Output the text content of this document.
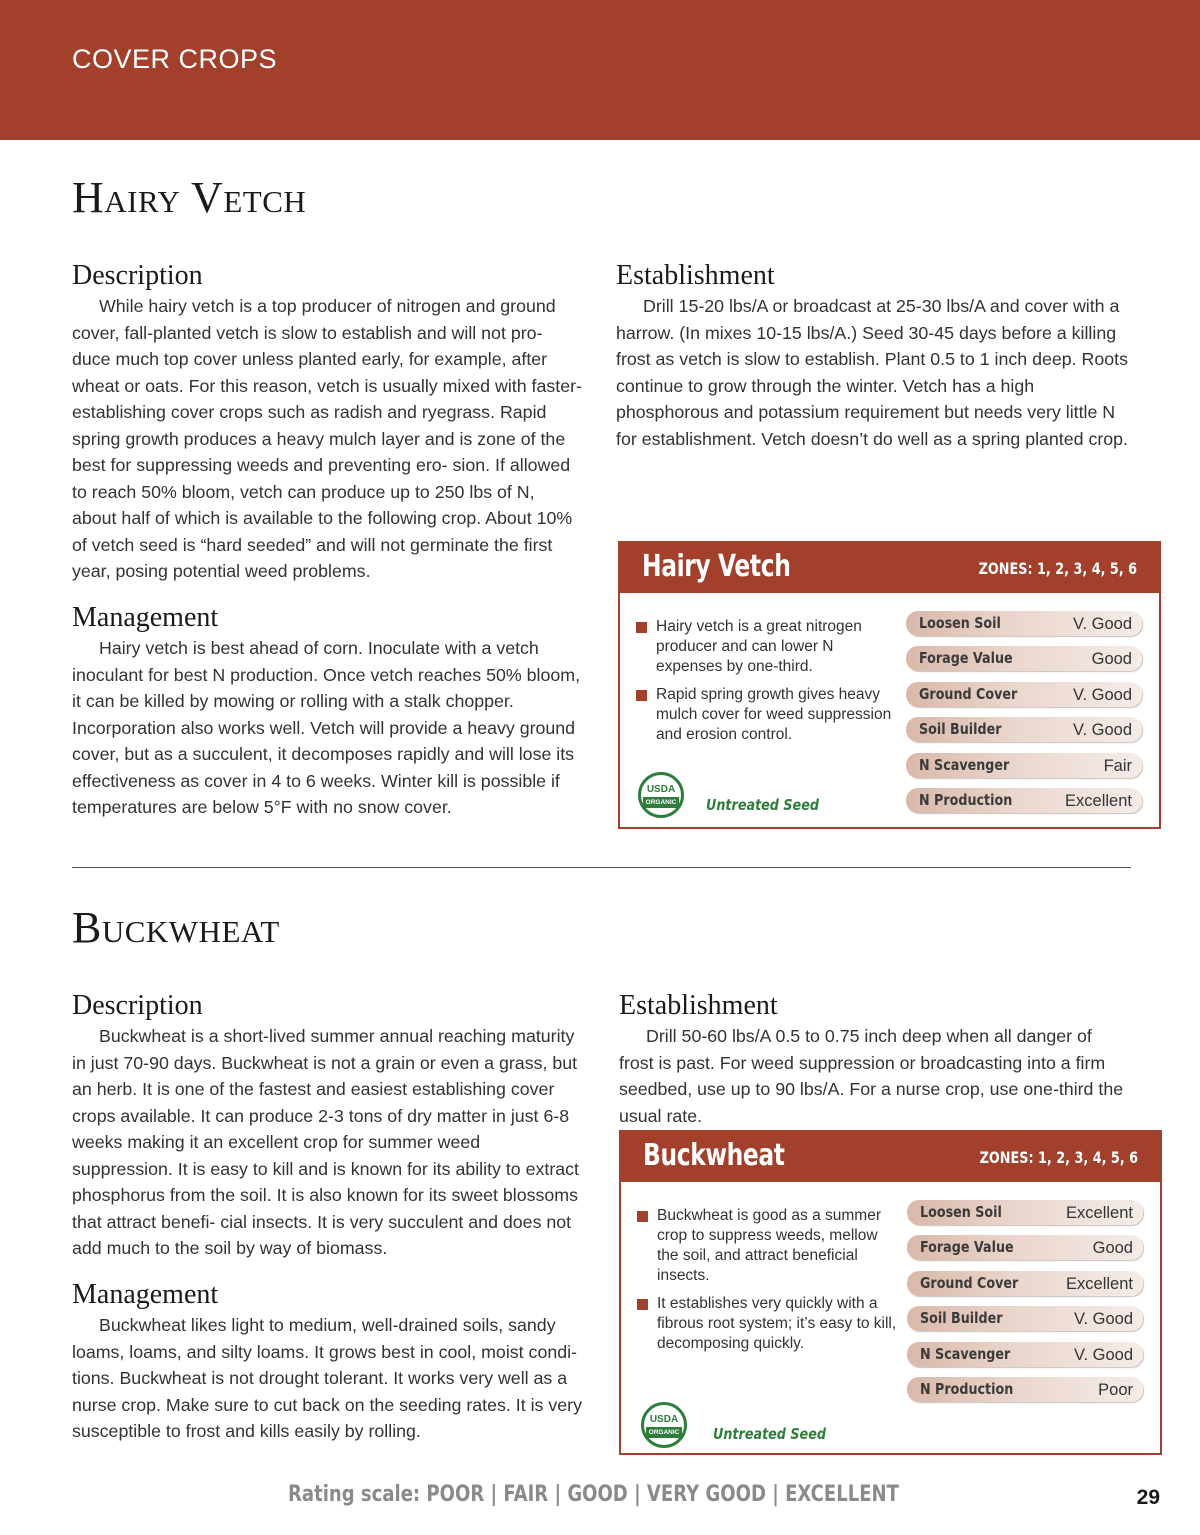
COVER CROPS
Hairy Vetch
Description
While hairy vetch is a top producer of nitrogen and ground cover, fall-planted vetch is slow to establish and will not pro- duce much top cover unless planted early, for example, after wheat or oats. For this reason, vetch is usually mixed with faster-establishing cover crops such as radish and ryegrass. Rapid spring growth produces a heavy mulch layer and is zone of the best for suppressing weeds and preventing ero- sion. If allowed to reach 50% bloom, vetch can produce up to 250 lbs of N, about half of which is available to the following crop. About 10% of vetch seed is “hard seeded” and will not germinate the first year, posing potential weed problems.
Management
Hairy vetch is best ahead of corn. Inoculate with a vetch inoculant for best N production. Once vetch reaches 50% bloom, it can be killed by mowing or rolling with a stalk chopper. Incorporation also works well. Vetch will provide a heavy ground cover, but as a succulent, it decomposes rapidly and will lose its effectiveness as cover in 4 to 6 weeks. Winter kill is possible if temperatures are below 5°F with no snow cover.
Establishment
Drill 15-20 lbs/A or broadcast at 25-30 lbs/A and cover with a harrow. (In mixes 10-15 lbs/A.) Seed 30-45 days before a killing frost as vetch is slow to establish. Plant 0.5 to 1 inch deep. Roots continue to grow through the winter. Vetch has a high phosphorous and potassium requirement but needs very little N for establishment. Vetch doesn’t do well as a spring planted crop.
Hairy Vetch	ZONES: 1, 2, 3, 4, 5, 6
Hairy vetch is a great nitrogen producer and can lower N expenses by one-third.
Rapid spring growth gives heavy mulch cover for weed suppression and erosion control.
USDA
ORGANIC Untreated Seed
Loosen Soil	V. Good
Forage Value	Good
Ground Cover	V. Good
Soil Builder	V. Good
N Scavenger	Fair
N Production	Excellent
Buckwheat
Description
Buckwheat is a short-lived summer annual reaching maturity in just 70-90 days. Buckwheat is not a grain or even a grass, but an herb. It is one of the fastest and easiest establishing cover crops available. It can produce 2-3 tons of dry matter in just 6-8 weeks making it an excellent crop for summer weed suppression. It is easy to kill and is known for its ability to extract phosphorus from the soil. It is also known for its sweet blossoms that attract benefi- cial insects. It is very succulent and does not add much to the soil by way of biomass.
Management
Buckwheat likes light to medium, well-drained soils, sandy loams, loams, and silty loams. It grows best in cool, moist condi- tions. Buckwheat is not drought tolerant. It works very well as a nurse crop. Make sure to cut back on the seeding rates. It is very susceptible to frost and kills easily by rolling.
Establishment
Drill 50-60 lbs/A 0.5 to 0.75 inch deep when all danger of frost is past. For weed suppression or broadcasting into a firm seedbed, use up to 90 lbs/A. For a nurse crop, use one-third the usual rate.
Buckwheat	ZONES: 1, 2, 3, 4, 5, 6
Buckwheat is good as a summer crop to suppress weeds, mellow the soil, and attract beneficial insects.
It establishes very quickly with a fibrous root system; it’s easy to kill, decomposing quickly.
USDA
ORGANIC Untreated Seed
Loosen Soil	Excellent
Forage Value	Good
Ground Cover	Excellent
Soil Builder	V. Good
N Scavenger	V. Good
N Production	Poor
Rating scale: POOR | FAIR | GOOD | VERY GOOD | EXCELLENT	29
